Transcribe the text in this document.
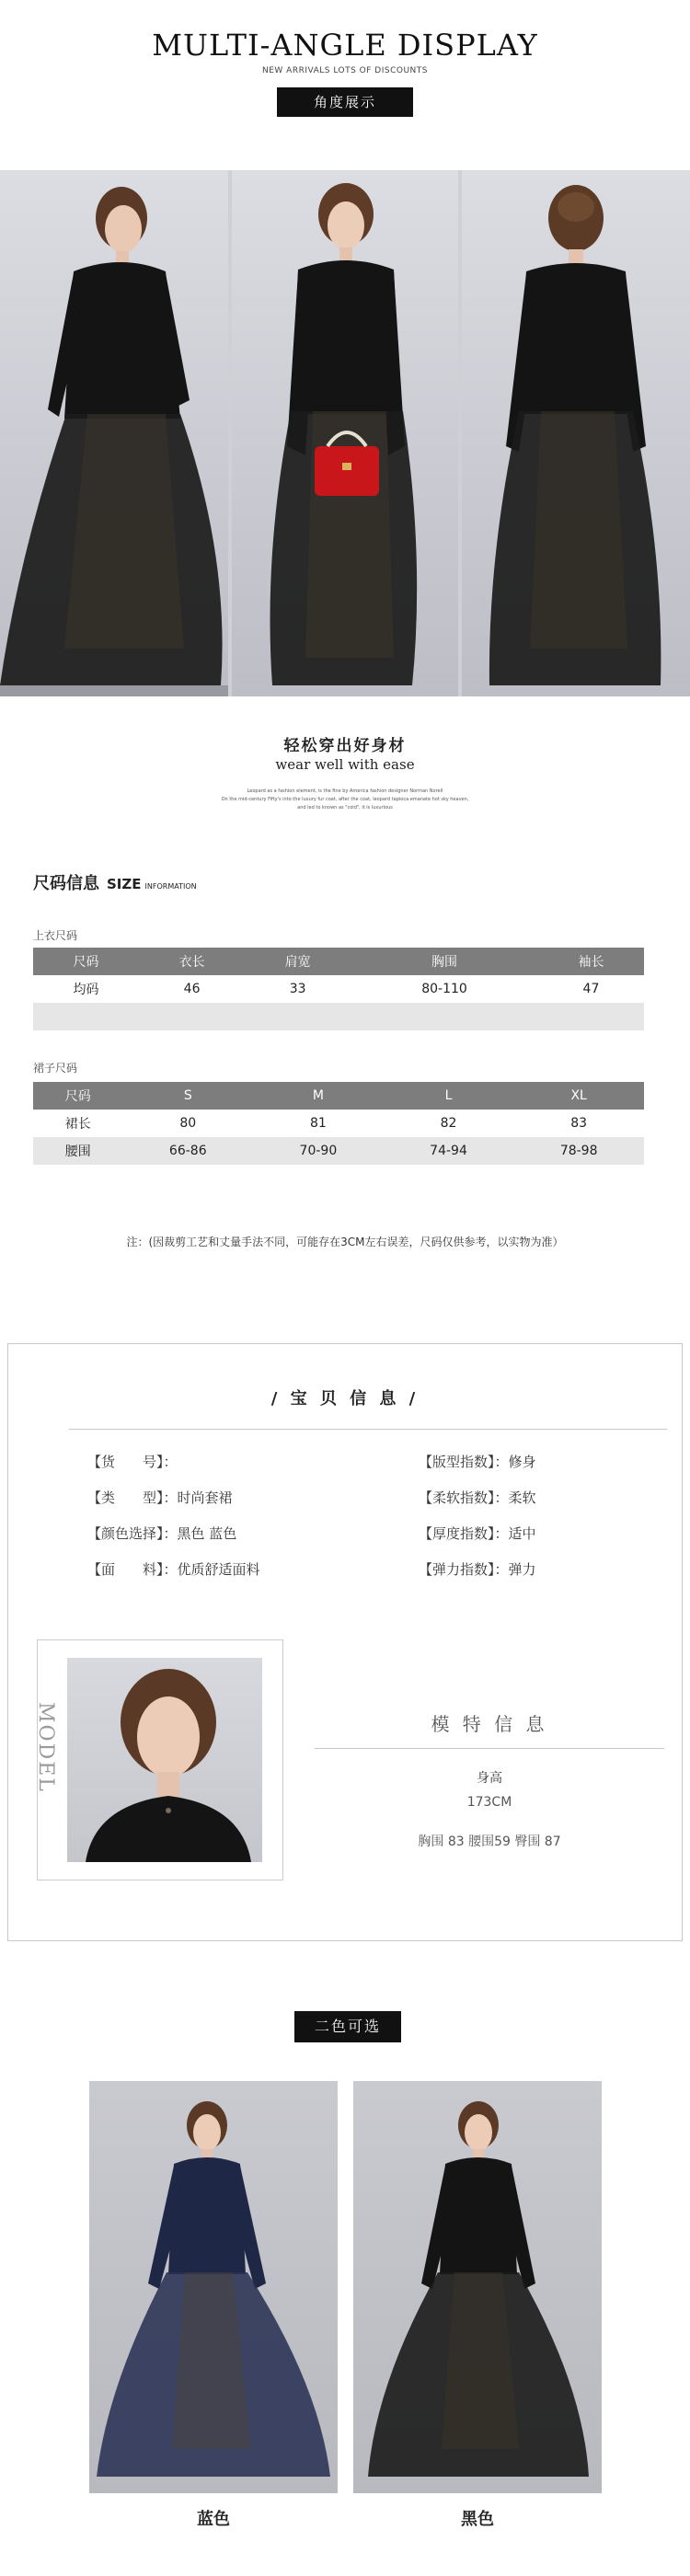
MULTI-ANGLE DISPLAY
NEW ARRIVALS LOTS OF DISCOUNTS
角度展示
轻松穿出好身材
wear well with ease
Leopard as a fashion element, is the fine by America fashion designer Norman Norell
On the mid-century Fifty's into the luxury fur coat, after the coat, leopard tapioca emanate hot sky heaven,
and led to known as "cold", it is luxurious
尺码信息 SIZE INFORMATION
上衣尺码
尺码	衣长	肩宽	胸围	袖长
均码	46	33	80-110	47

裙子尺码
尺码	S	M	L	XL
裙长	80	81	82	83
腰围	66-86	70-90	74-94	78-98
注：(因裁剪工艺和丈量手法不同，可能存在3CM左右误差，尺码仅供参考，以实物为准）
/ 宝 贝 信 息 /
【货　　号】：
【类　　型】：时尚套裙
【颜色选择】：黑色 蓝色
【面　　料】：优质舒适面料
【版型指数】：修身
【柔软指数】：柔软
【厚度指数】：适中
【弹力指数】：弹力
MODEL	模 特 信 息
身高
173CM
胸围 83 腰围59 臀围 87
二色可选
蓝色	黑色
